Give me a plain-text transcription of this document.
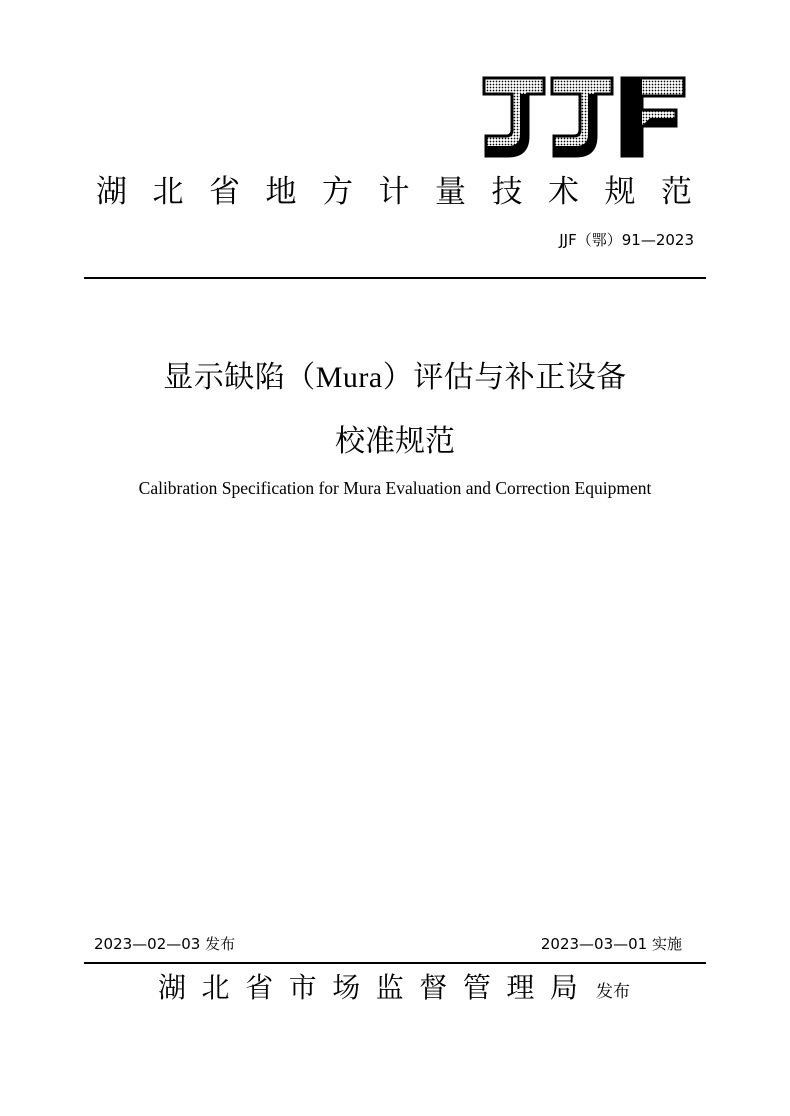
湖 北 省 地 方 计 量 技 术 规 范
JJF（鄂）91—2023
显示缺陷（Mura）评估与补正设备
校准规范
Calibration Specification for Mura Evaluation and Correction Equipment
2023—02—03 发布	2023—03—01 实施
湖 北 省 市 场 监 督 管 理 局 发布
